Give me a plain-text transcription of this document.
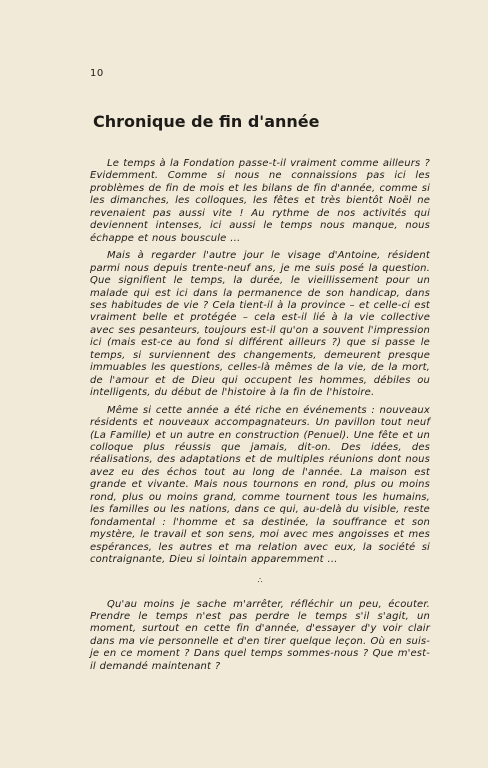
10
Chronique de fin d'année

Le temps à la Fondation passe-t-il vraiment comme ailleurs ? Evidemment. Comme si nous ne connaissions pas ici les problèmes de fin de mois et les bilans de fin d'année, comme si les dimanches, les colloques, les fêtes et très bientôt Noël ne revenaient pas aussi vite ! Au rythme de nos activités qui deviennent intenses, ici aussi le temps nous manque, nous échappe et nous bouscule ...

Mais à regarder l'autre jour le visage d'Antoine, résident parmi nous depuis trente-neuf ans, je me suis posé la question. Que signifient le temps, la durée, le vieillissement pour un malade qui est ici dans la permanence de son handicap, dans ses habitudes de vie ? Cela tient-il à la province – et celle-ci est vraiment belle et protégée – cela est-il lié à la vie collective avec ses pesanteurs, toujours est-il qu'on a souvent l'impression ici (mais est-ce au fond si différent ailleurs ?) que si passe le temps, si surviennent des changements, demeurent presque immuables les questions, celles-là mêmes de la vie, de la mort, de l'amour et de Dieu qui occupent les hommes, débiles ou intelligents, du début de l'histoire à la fin de l'histoire.

Même si cette année a été riche en événements : nouveaux résidents et nouveaux accompagnateurs. Un pavillon tout neuf (La Famille) et un autre en construction (Penuel). Une fête et un colloque plus réussis que jamais, dit-on. Des idées, des réalisations, des adaptations et de multiples réunions dont nous avez eu des échos tout au long de l'année. La maison est grande et vivante. Mais nous tournons en rond, plus ou moins rond, plus ou moins grand, comme tournent tous les humains, les familles ou les nations, dans ce qui, au-delà du visible, reste fondamental : l'homme et sa destinée, la souffrance et son mystère, le travail et son sens, moi avec mes angoisses et mes espérances, les autres et ma relation avec eux, la société si contraignante, Dieu si lointain apparemment ...

∴

Qu'au moins je sache m'arrêter, réfléchir un peu, écouter. Prendre le temps n'est pas perdre le temps s'il s'agit, un moment, surtout en cette fin d'année, d'essayer d'y voir clair dans ma vie personnelle et d'en tirer quelque leçon. Où en suis-je en ce moment ? Dans quel temps sommes-nous ? Que m'est-il demandé maintenant ?
